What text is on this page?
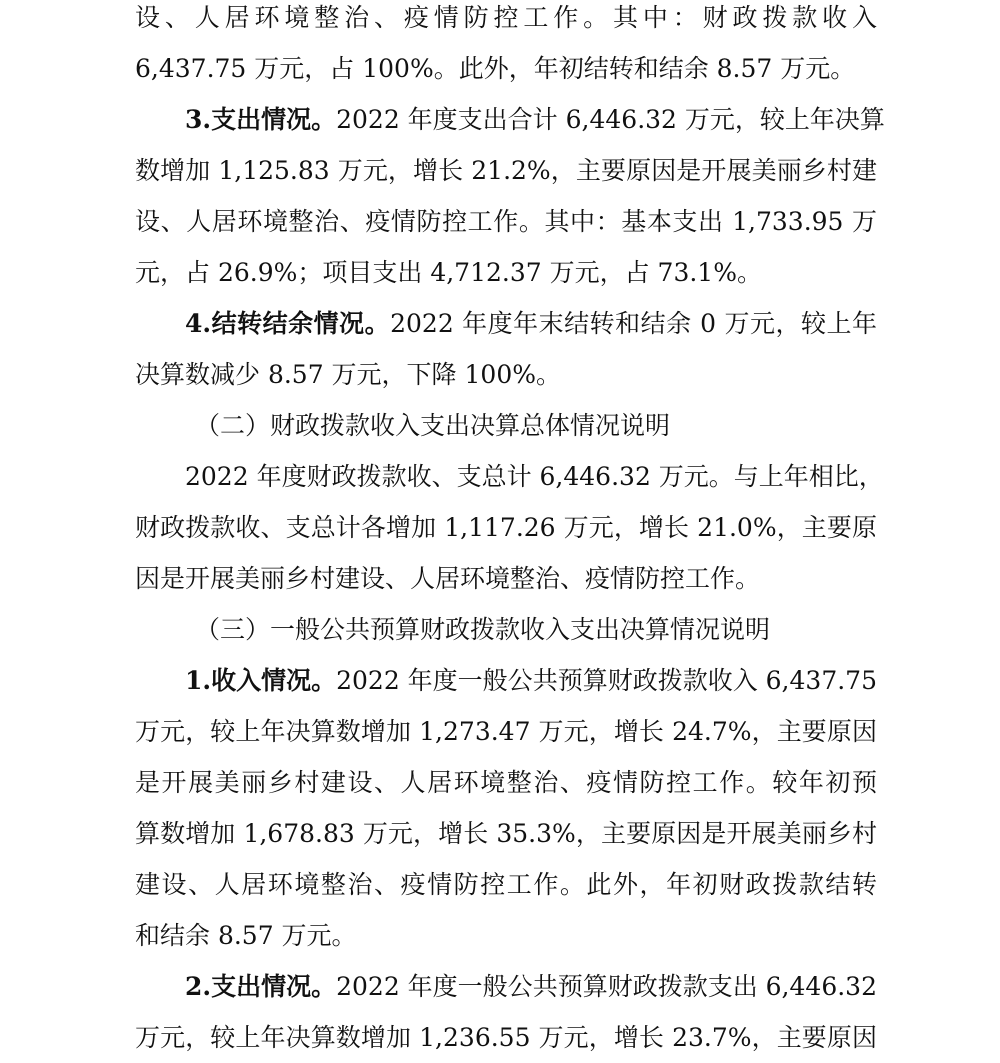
设、人居环境整治、疫情防控工作。其中：财政拨款收入
6,437.75 万元，占 100%。此外，年初结转和结余 8.57 万元。
3.支出情况。2022 年度支出合计 6,446.32 万元，较上年决算
数增加 1,125.83 万元，增长 21.2%，主要原因是开展美丽乡村建
设、人居环境整治、疫情防控工作。其中：基本支出 1,733.95 万
元，占 26.9%；项目支出 4,712.37 万元，占 73.1%。
4.结转结余情况。2022 年度年末结转和结余 0 万元，较上年
决算数减少 8.57 万元，下降 100%。
（二）财政拨款收入支出决算总体情况说明
2022 年度财政拨款收、支总计 6,446.32 万元。与上年相比，
财政拨款收、支总计各增加 1,117.26 万元，增长 21.0%，主要原
因是开展美丽乡村建设、人居环境整治、疫情防控工作。
（三）一般公共预算财政拨款收入支出决算情况说明
1.收入情况。2022 年度一般公共预算财政拨款收入 6,437.75
万元，较上年决算数增加 1,273.47 万元，增长 24.7%，主要原因
是开展美丽乡村建设、人居环境整治、疫情防控工作。较年初预
算数增加 1,678.83 万元，增长 35.3%，主要原因是开展美丽乡村
建设、人居环境整治、疫情防控工作。此外，年初财政拨款结转
和结余 8.57 万元。
2.支出情况。2022 年度一般公共预算财政拨款支出 6,446.32
万元，较上年决算数增加 1,236.55 万元，增长 23.7%，主要原因
